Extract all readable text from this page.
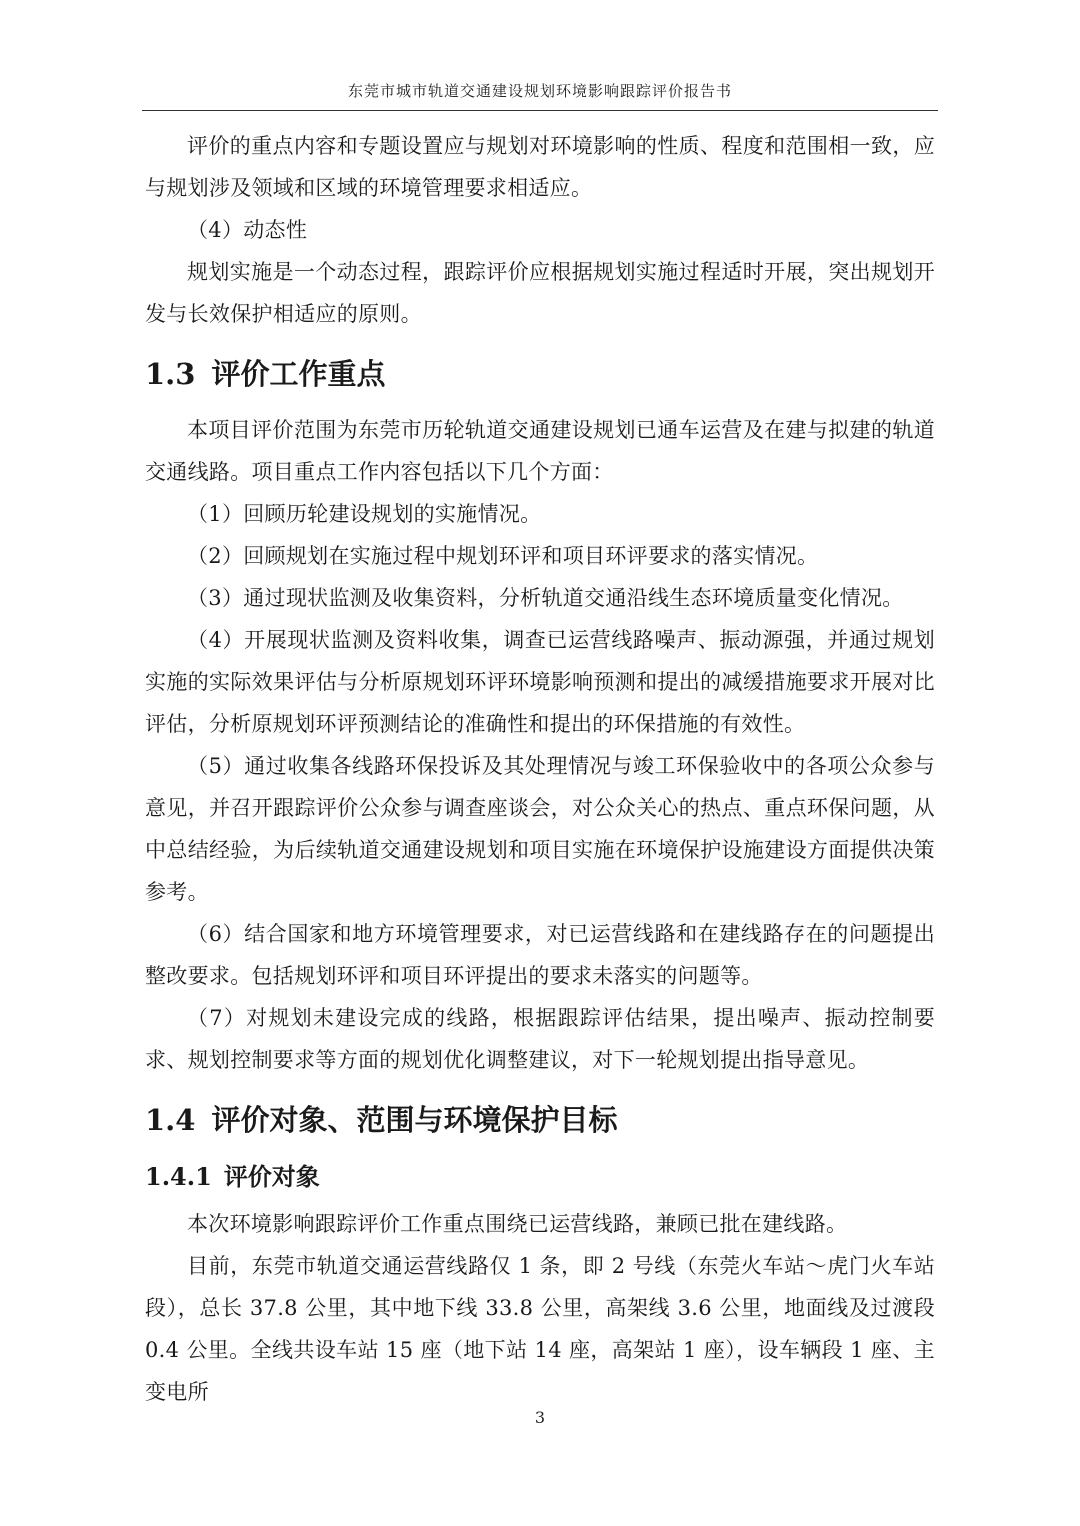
东莞市城市轨道交通建设规划环境影响跟踪评价报告书

评价的重点内容和专题设置应与规划对环境影响的性质、程度和范围相一致，应与规划涉及领域和区域的环境管理要求相适应。

（4）动态性

规划实施是一个动态过程，跟踪评价应根据规划实施过程适时开展，突出规划开发与长效保护相适应的原则。

1.3 评价工作重点

本项目评价范围为东莞市历轮轨道交通建设规划已通车运营及在建与拟建的轨道交通线路。项目重点工作内容包括以下几个方面：

（1）回顾历轮建设规划的实施情况。

（2）回顾规划在实施过程中规划环评和项目环评要求的落实情况。

（3）通过现状监测及收集资料，分析轨道交通沿线生态环境质量变化情况。

（4）开展现状监测及资料收集，调查已运营线路噪声、振动源强，并通过规划实施的实际效果评估与分析原规划环评环境影响预测和提出的减缓措施要求开展对比评估，分析原规划环评预测结论的准确性和提出的环保措施的有效性。

（5）通过收集各线路环保投诉及其处理情况与竣工环保验收中的各项公众参与意见，并召开跟踪评价公众参与调查座谈会，对公众关心的热点、重点环保问题，从中总结经验，为后续轨道交通建设规划和项目实施在环境保护设施建设方面提供决策参考。

（6）结合国家和地方环境管理要求，对已运营线路和在建线路存在的问题提出整改要求。包括规划环评和项目环评提出的要求未落实的问题等。

（7）对规划未建设完成的线路，根据跟踪评估结果，提出噪声、振动控制要求、规划控制要求等方面的规划优化调整建议，对下一轮规划提出指导意见。

1.4 评价对象、范围与环境保护目标
1.4.1 评价对象

本次环境影响跟踪评价工作重点围绕已运营线路，兼顾已批在建线路。

目前，东莞市轨道交通运营线路仅 1 条，即 2 号线（东莞火车站～虎门火车站段），总长 37.8 公里，其中地下线 33.8 公里，高架线 3.6 公里，地面线及过渡段 0.4 公里。全线共设车站 15 座（地下站 14 座，高架站 1 座），设车辆段 1 座、主变电所

3
